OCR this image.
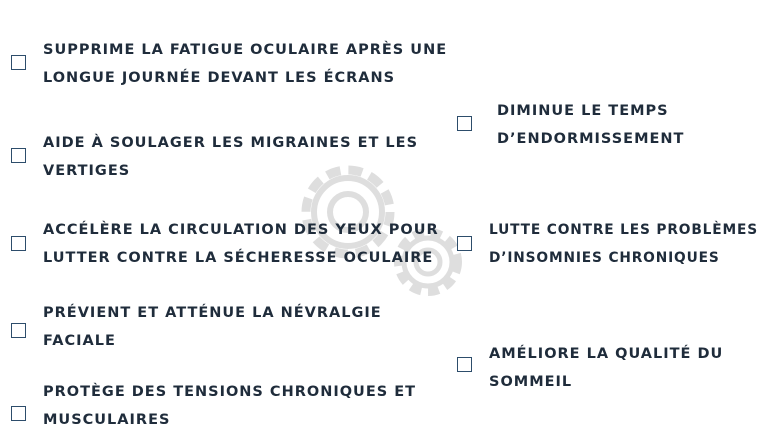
SUPPRIME LA FATIGUE OCULAIRE APRÈS UNE
LONGUE JOURNÉE DEVANT LES ÉCRANS

AIDE À SOULAGER LES MIGRAINES ET LES
VERTIGES

ACCÉLÈRE LA CIRCULATION DES YEUX POUR
LUTTER CONTRE LA SÉCHERESSE OCULAIRE

PRÉVIENT ET ATTÉNUE LA NÉVRALGIE
FACIALE

PROTÈGE DES TENSIONS CHRONIQUES ET
MUSCULAIRES

DIMINUE LE TEMPS
D’ENDORMISSEMENT

LUTTE CONTRE LES PROBLÈMES
D’INSOMNIES CHRONIQUES

AMÉLIORE LA QUALITÉ DU
SOMMEIL
